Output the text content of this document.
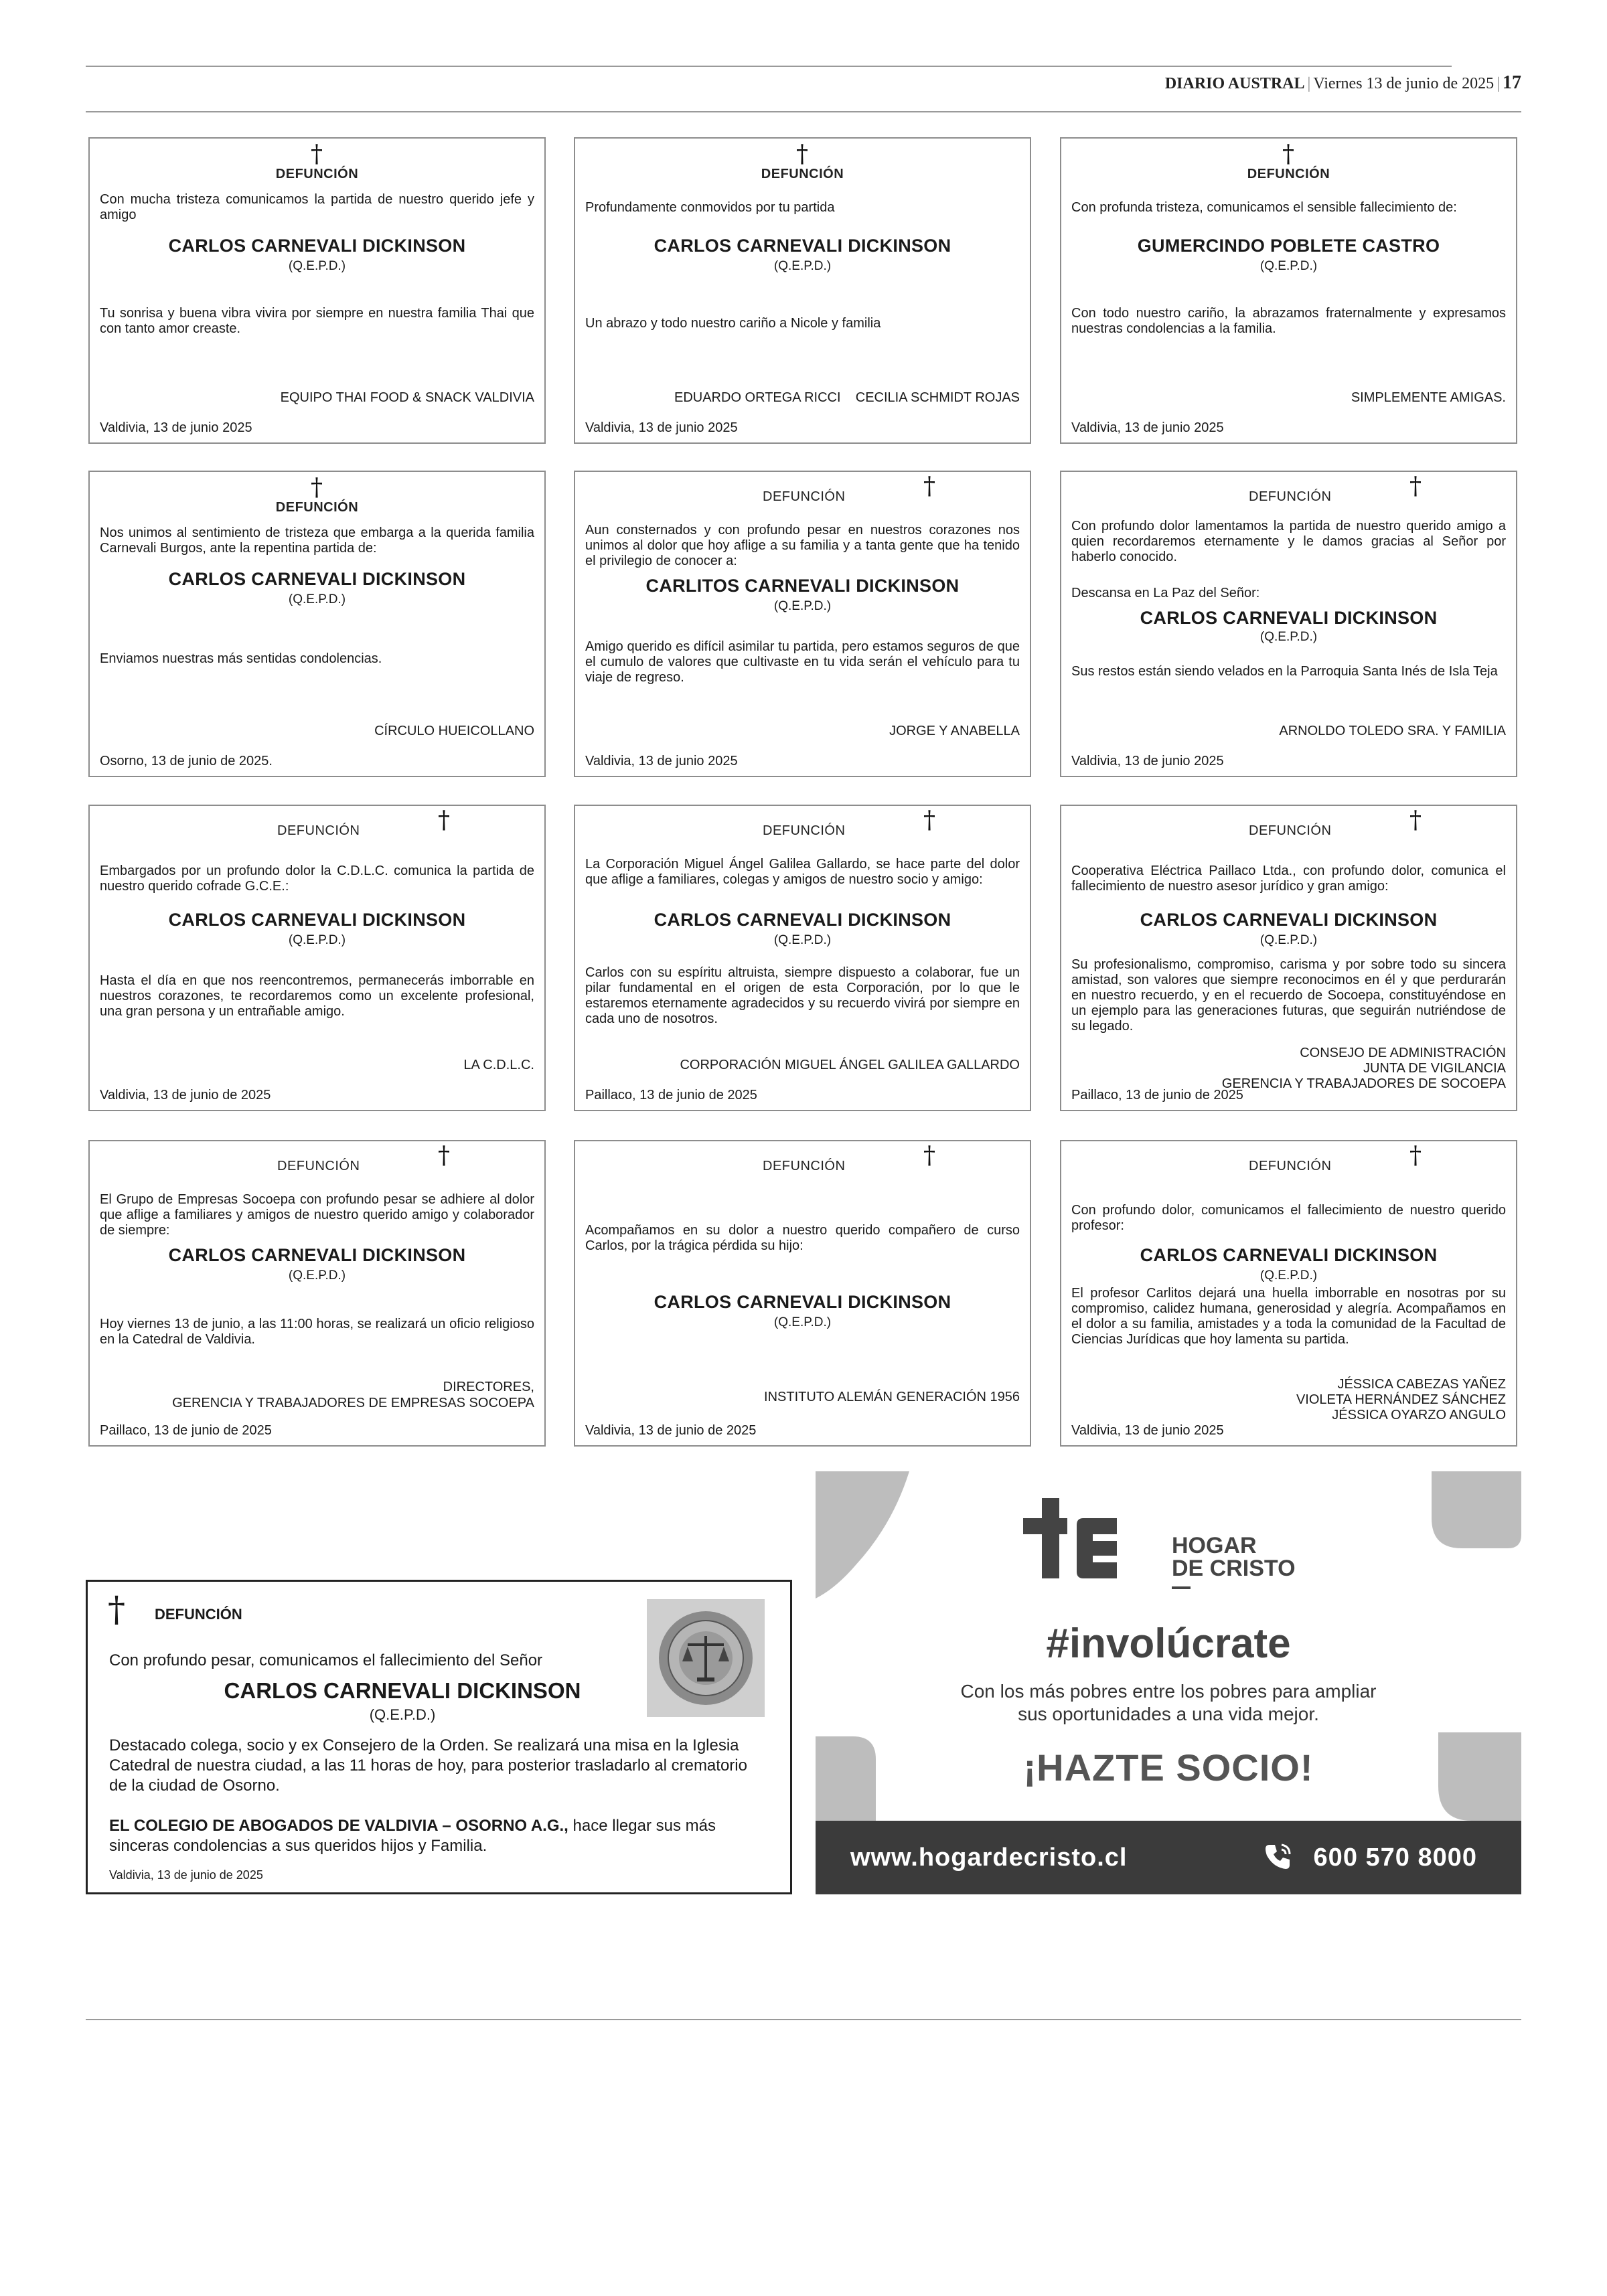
DIARIO AUSTRAL | Viernes 13 de junio de 2025 | 17
†
DEFUNCIÓN
Con mucha tristeza comunicamos la partida de nuestro querido jefe y amigo
CARLOS CARNEVALI DICKINSON
(Q.E.P.D.)
Tu sonrisa y buena vibra vivira por siempre en nuestra familia Thai que con tanto amor creaste.
EQUIPO THAI FOOD & SNACK VALDIVIA
Valdivia, 13 de junio 2025
†
DEFUNCIÓN
Profundamente conmovidos por tu partida
CARLOS CARNEVALI DICKINSON
(Q.E.P.D.)
Un abrazo y todo nuestro cariño a Nicole y familia
EDUARDO ORTEGA RICCI    CECILIA SCHMIDT ROJAS
Valdivia, 13 de junio 2025
†
DEFUNCIÓN
Con profunda tristeza, comunicamos el sensible fallecimiento de:
GUMERCINDO POBLETE CASTRO
(Q.E.P.D.)
Con todo nuestro cariño, la abrazamos fraternalmente y expresamos nuestras condolencias a la familia.
SIMPLEMENTE AMIGAS.
Valdivia, 13 de junio 2025
†
DEFUNCIÓN
Nos unimos al sentimiento de tristeza que embarga a la querida familia Carnevali Burgos, ante la repentina partida de:
CARLOS CARNEVALI DICKINSON
(Q.E.P.D.)
Enviamos nuestras más sentidas condolencias.
CÍRCULO HUEICOLLANO
Osorno, 13 de junio de 2025.
DEFUNCIÓN	†
Aun consternados y con profundo pesar en nuestros corazones nos unimos al dolor que hoy aflige a su familia y a tanta gente que ha tenido el privilegio de conocer a:
CARLITOS CARNEVALI DICKINSON
(Q.E.P.D.)
Amigo querido es difícil asimilar tu partida, pero estamos seguros de que el cumulo de valores que cultivaste en tu vida serán el vehículo para tu viaje de regreso.
JORGE Y ANABELLA
Valdivia, 13 de junio 2025
DEFUNCIÓN	†
Con profundo dolor lamentamos la partida de nuestro querido amigo a quien recordaremos eternamente y le damos gracias al Señor por haberlo conocido.
Descansa en La Paz del Señor:
CARLOS CARNEVALI DICKINSON
(Q.E.P.D.)
Sus restos están siendo velados en la Parroquia Santa Inés de Isla Teja
ARNOLDO TOLEDO SRA. Y FAMILIA
Valdivia, 13 de junio 2025
DEFUNCIÓN	†
Embargados por un profundo dolor la C.D.L.C. comunica la partida de nuestro querido cofrade G.C.E.:
CARLOS CARNEVALI DICKINSON
(Q.E.P.D.)
Hasta el día en que nos reencontremos, permanecerás imborrable en nuestros corazones, te recordaremos como un excelente profesional, una gran persona y un entrañable amigo.
LA C.D.L.C.
Valdivia, 13 de junio de 2025
DEFUNCIÓN	†
La Corporación Miguel Ángel Galilea Gallardo, se hace parte del dolor que aflige a familiares, colegas y amigos de nuestro socio y amigo:
CARLOS CARNEVALI DICKINSON
(Q.E.P.D.)
Carlos con su espíritu altruista, siempre dispuesto a colaborar, fue un pilar fundamental en el origen de esta Corporación, por lo que le estaremos eternamente agradecidos y su recuerdo vivirá por siempre en cada uno de nosotros.
CORPORACIÓN MIGUEL ÁNGEL GALILEA GALLARDO
Paillaco, 13 de junio de 2025
DEFUNCIÓN	†
Cooperativa Eléctrica Paillaco Ltda., con profundo dolor, comunica el fallecimiento de nuestro asesor jurídico y gran amigo:
CARLOS CARNEVALI DICKINSON
(Q.E.P.D.)
Su profesionalismo, compromiso, carisma y por sobre todo su sincera amistad, son valores que siempre reconocimos en él y que perdurarán en nuestro recuerdo, y en el recuerdo de Socoepa, constituyéndose en un ejemplo para las generaciones futuras, que seguirán nutriéndose de su legado.
CONSEJO DE ADMINISTRACIÓN
JUNTA DE VIGILANCIA
GERENCIA Y TRABAJADORES DE SOCOEPA
Paillaco, 13 de junio de 2025
DEFUNCIÓN	†
El Grupo de Empresas Socoepa con profundo pesar se adhiere al dolor que aflige a familiares y amigos de nuestro querido amigo y colaborador de siempre:
CARLOS CARNEVALI DICKINSON
(Q.E.P.D.)
Hoy viernes 13 de junio, a las 11:00 horas, se realizará un oficio religioso en la Catedral de Valdivia.
DIRECTORES,
GERENCIA Y TRABAJADORES DE EMPRESAS SOCOEPA
Paillaco, 13 de junio de 2025
DEFUNCIÓN	†
Acompañamos en su dolor a nuestro querido compañero de curso Carlos, por la trágica pérdida su hijo:
CARLOS CARNEVALI DICKINSON
(Q.E.P.D.)
INSTITUTO ALEMÁN GENERACIÓN 1956
Valdivia, 13 de junio de 2025
DEFUNCIÓN	†
Con profundo dolor, comunicamos el fallecimiento de nuestro querido profesor:
CARLOS CARNEVALI DICKINSON
(Q.E.P.D.)
El profesor Carlitos dejará una huella imborrable en nosotras por su compromiso, calidez humana, generosidad y alegría. Acompañamos en el dolor a su familia, amistades y a toda la comunidad de la Facultad de Ciencias Jurídicas que hoy lamenta su partida.
JÉSSICA CABEZAS YAÑEZ
VIOLETA HERNÁNDEZ SÁNCHEZ
JÉSSICA OYARZO ANGULO
Valdivia, 13 de junio 2025
† DEFUNCIÓN
Con profundo pesar, comunicamos el fallecimiento del Señor
CARLOS CARNEVALI DICKINSON
(Q.E.P.D.)
Destacado colega, socio y ex Consejero de la Orden. Se realizará una misa en la Iglesia Catedral de nuestra ciudad, a las 11 horas de hoy, para posterior trasladarlo al crematorio de la ciudad de Osorno.
EL COLEGIO DE ABOGADOS DE VALDIVIA – OSORNO A.G., hace llegar sus más sinceras condolencias a sus queridos hijos y Familia.
Valdivia, 13 de junio de 2025
HOGAR
DE CRISTO
#involúcrate
Con los más pobres entre los pobres para ampliar
sus oportunidades a una vida mejor.
¡HAZTE SOCIO!
www.hogardecristo.cl	600 570 8000
